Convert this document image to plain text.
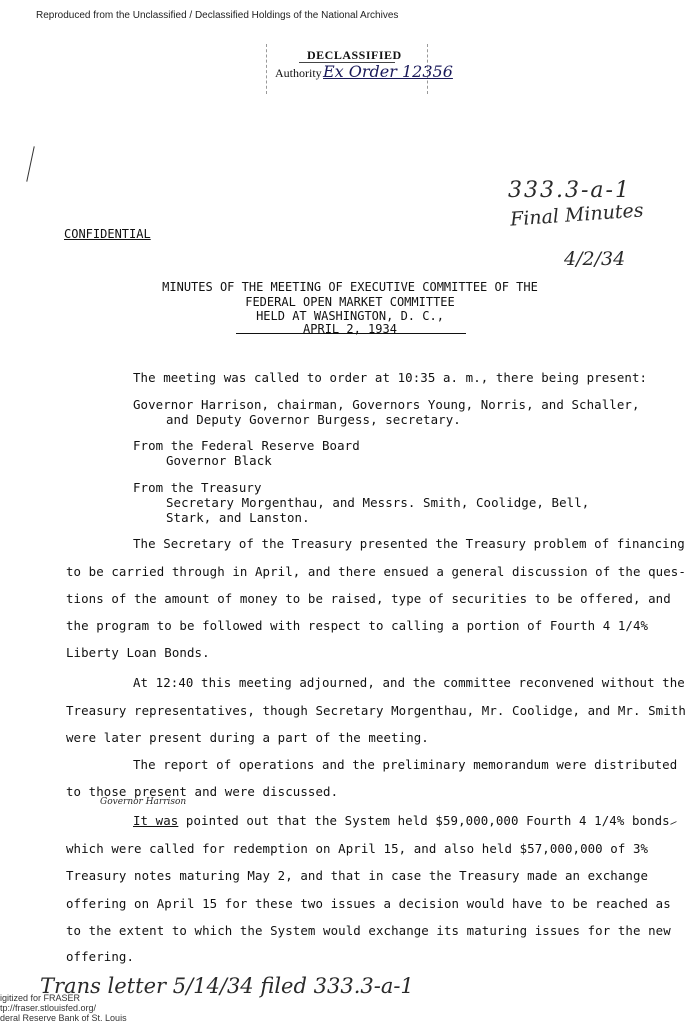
Reproduced from the Unclassified / Declassified Holdings of the National Archives
DECLASSIFIED
Authority Ex Order 12356
333.3-a-1
Final Minutes
4/2/34
CONFIDENTIAL
MINUTES OF THE MEETING OF EXECUTIVE COMMITTEE OF THE
FEDERAL OPEN MARKET COMMITTEE
HELD AT WASHINGTON, D. C.,
APRIL 2, 1934
The meeting was called to order at 10:35 a. m., there being present:
Governor Harrison, chairman, Governors Young, Norris, and Schaller,
and Deputy Governor Burgess, secretary.
From the Federal Reserve Board
Governor Black
From the Treasury
Secretary Morgenthau, and Messrs. Smith, Coolidge, Bell,
Stark, and Lanston.
The Secretary of the Treasury presented the Treasury problem of financing
to be carried through in April, and there ensued a general discussion of the ques-
tions of the amount of money to be raised, type of securities to be offered, and
the program to be followed with respect to calling a portion of Fourth 4 1/4%
Liberty Loan Bonds.
At 12:40 this meeting adjourned, and the committee reconvened without the
Treasury representatives, though Secretary Morgenthau, Mr. Coolidge, and Mr. Smith
were later present during a part of the meeting.
The report of operations and the preliminary memorandum were distributed
to those present and were discussed.
Governor Harrison
It was pointed out that the System held $59,000,000 Fourth 4 1/4% bonds
which were called for redemption on April 15, and also held $57,000,000 of 3%
Treasury notes maturing May 2, and that in case the Treasury made an exchange
offering on April 15 for these two issues a decision would have to be reached as
to the extent to which the System would exchange its maturing issues for the new
offering.
–
Trans letter 5/14/34 filed 333.3-a-1
igitized for FRASER
tp://fraser.stlouisfed.org/
deral Reserve Bank of St. Louis
